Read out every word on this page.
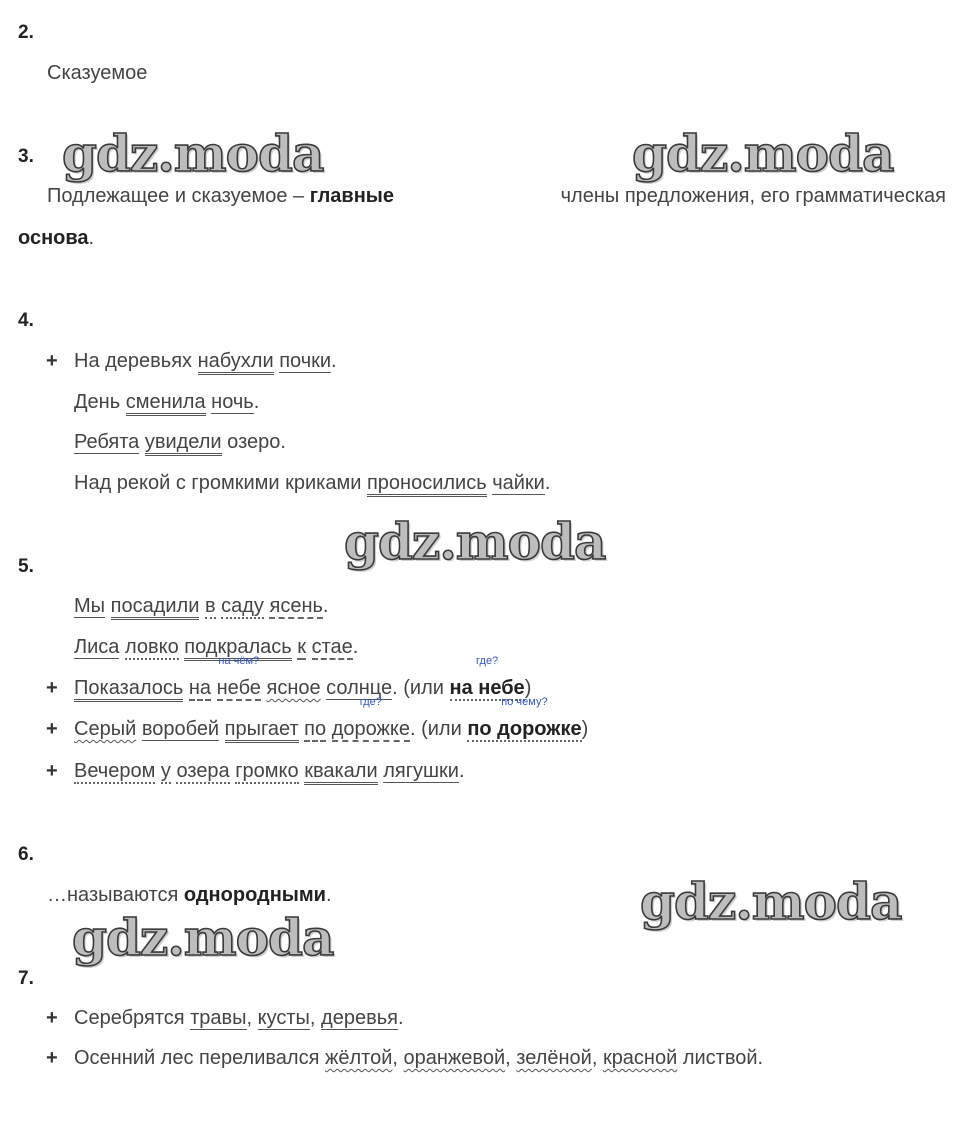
2.
Сказуемое
3.
Подлежащее и сказуемое – главные	члены предложения, его грамматическая
основа.
4.
+ На деревьях набухли почки.
День сменила ночь.
Ребята увидели озеро.
Над рекой с громкими криками проносились чайки.
5.
Мы посадили в саду ясень.
Лиса ловко подкралась к стае.
+ Показалось на небе
на чём?
ясное солнце. (или на небе
где?
)
+ Серый воробей прыгает по дорожке
где?
. (или по дорожке
по чему?
)
+ Вечером у озера громко квакали лягушки.
6.
…называются однородными.
7.
+ Серебрятся травы, кусты, деревья.
+ Осенний лес переливался жёлтой, оранжевой, зелёной, красной листвой.
gdz.moda	gdz.moda
gdz.moda
gdz.moda
gdz.moda
